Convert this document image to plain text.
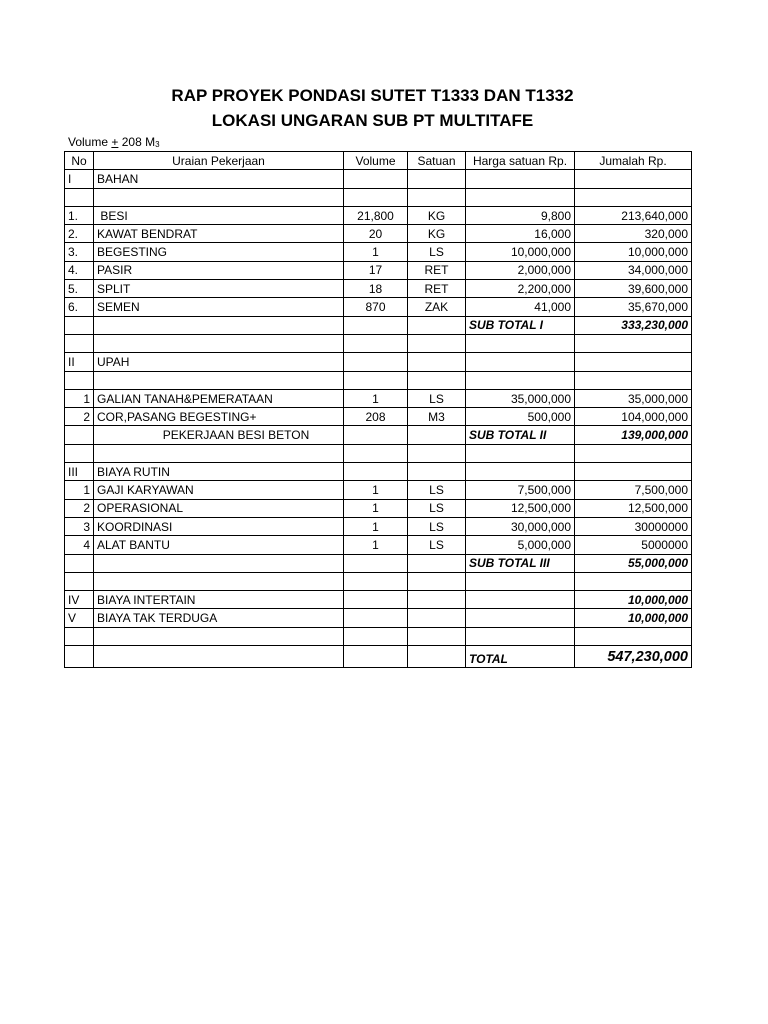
RAP PROYEK PONDASI SUTET T1333 DAN T1332
LOKASI UNGARAN SUB PT MULTITAFE
Volume + 208 $M_3$
No	Uraian Pekerjaan	Volume	Satuan	Harga satuan Rp.	Jumalah Rp.
I	BAHAN				

1.	BESI	21,800	KG	9,800	213,640,000
2.	KAWAT BENDRAT	20	KG	16,000	320,000
3.	BEGESTING	1	LS	10,000,000	10,000,000
4.	PASIR	17	RET	2,000,000	34,000,000
5.	SPLIT	18	RET	2,200,000	39,600,000
6.	SEMEN	870	ZAK	41,000	35,670,000
				SUB TOTAL I	333,230,000

II	UPAH				

1	GALIAN TANAH&PEMERATAAN	1	LS	35,000,000	35,000,000
2	COR,PASANG BEGESTING+	208	M3	500,000	104,000,000
	PEKERJAAN BESI BETON			SUB TOTAL II	139,000,000

III	BIAYA RUTIN				
1	GAJI KARYAWAN	1	LS	7,500,000	7,500,000
2	OPERASIONAL	1	LS	12,500,000	12,500,000
3	KOORDINASI	1	LS	30,000,000	30000000
4	ALAT BANTU	1	LS	5,000,000	5000000
				SUB TOTAL III	55,000,000

IV	BIAYA INTERTAIN				10,000,000
V	BIAYA TAK TERDUGA				10,000,000

				TOTAL	547,230,000
